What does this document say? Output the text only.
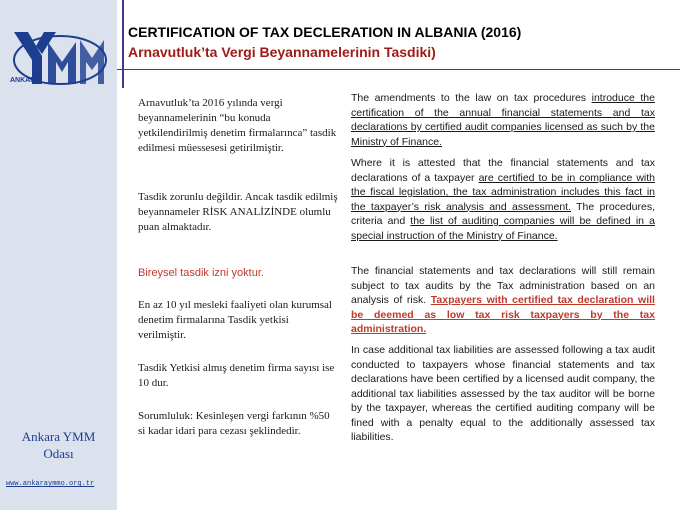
ANKARA
Ankara YMM
Odası
www.ankaraymmo.org.tr
CERTIFICATION OF TAX DECLERATION IN ALBANIA (2016)
Arnavutluk’ta Vergi Beyannamelerinin Tasdiki)
Arnavutluk’ta 2016 yılında vergi beyannamelerinin “bu konuda yetkilendirilmiş denetim firmalarınca” tasdik edilmesi müessesesi getirilmiştir.
Tasdik zorunlu değildir. Ancak tasdik edilmiş beyannameler RİSK ANALİZİNDE olumlu puan almaktadır.
Bireysel tasdik izni yoktur.
En az 10 yıl mesleki faaliyeti olan kurumsal denetim firmalarına Tasdik yetkisi verilmiştir.
Tasdik Yetkisi almış denetim firma sayısı ise 10 dur.
Sorumluluk: Kesinleşen vergi farkının %50 si kadar idari para cezası şeklindedir.
The amendments to the law on tax procedures introduce the certification of the annual financial statements and tax declarations by certified audit companies licensed as such by the Ministry of Finance.
Where it is attested that the financial statements and tax declarations of a taxpayer are certified to be in compliance with the fiscal legislation, the tax administration includes this fact in the taxpayer’s risk analysis and assessment. The procedures, criteria and the list of auditing companies will be defined in a special instruction of the Ministry of Finance.
The financial statements and tax declarations will still remain subject to tax audits by the Tax administration based on an analysis of risk. Taxpayers with certified tax declaration will be deemed as low tax risk taxpayers by the tax administration.
In case additional tax liabilities are assessed following a tax audit conducted to taxpayers whose financial statements and tax declarations have been certified by a licensed audit company, the additional tax liabilities assessed by the tax auditor will be borne by the taxpayer, whereas the certified auditing company will be fined with a penalty equal to the additionally assessed tax liabilities.
